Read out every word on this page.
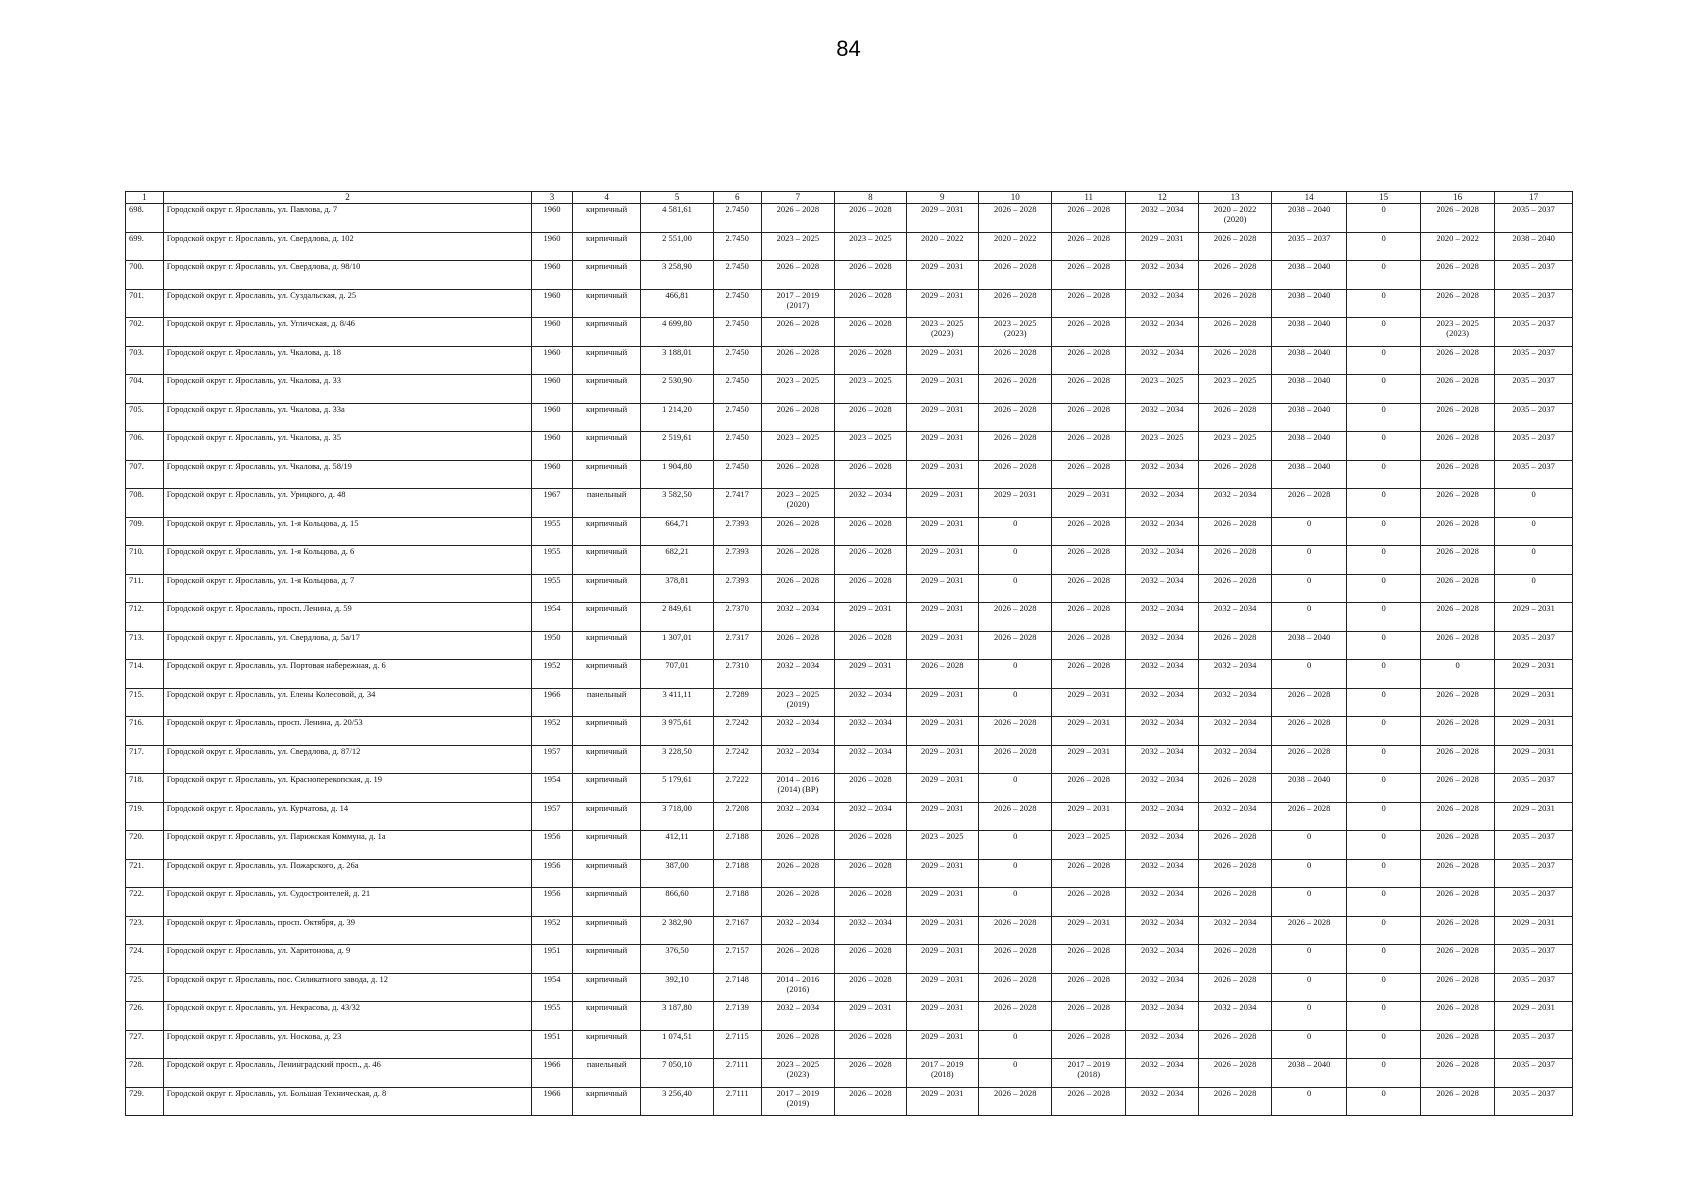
84
1	2	3	4	5	6	7	8	9	10	11	12	13	14	15	16	17
698.	Городской округ г. Ярославль, ул. Павлова, д. 7	1960	кирпичный	4 581,61	2.7450	2026 – 2028	2026 – 2028	2029 – 2031	2026 – 2028	2026 – 2028	2032 – 2034	2020 – 2022
(2020)	2038 – 2040	0	2026 – 2028	2035 – 2037

699.	Городской округ г. Ярославль, ул. Свердлова, д. 102	1960	кирпичный	2 551,00	2.7450	2023 – 2025	2023 – 2025	2020 – 2022	2020 – 2022	2026 – 2028	2029 – 2031	2026 – 2028	2035 – 2037	0	2020 – 2022	2038 – 2040

700.	Городской округ г. Ярославль, ул. Свердлова, д. 98/10	1960	кирпичный	3 258,90	2.7450	2026 – 2028	2026 – 2028	2029 – 2031	2026 – 2028	2026 – 2028	2032 – 2034	2026 – 2028	2038 – 2040	0	2026 – 2028	2035 – 2037

701.	Городской округ г. Ярославль, ул. Суздальская, д. 25	1960	кирпичный	466,81	2.7450	2017 – 2019
(2017)	2026 – 2028	2029 – 2031	2026 – 2028	2026 – 2028	2032 – 2034	2026 – 2028	2038 – 2040	0	2026 – 2028	2035 – 2037

702.	Городской округ г. Ярославль, ул. Угличская, д. 8/46	1960	кирпичный	4 699,80	2.7450	2026 – 2028	2026 – 2028	2023 – 2025
(2023)	2023 – 2025
(2023)	2026 – 2028	2032 – 2034	2026 – 2028	2038 – 2040	0	2023 – 2025
(2023)	2035 – 2037

703.	Городской округ г. Ярославль, ул. Чкалова, д. 18	1960	кирпичный	3 188,01	2.7450	2026 – 2028	2026 – 2028	2029 – 2031	2026 – 2028	2026 – 2028	2032 – 2034	2026 – 2028	2038 – 2040	0	2026 – 2028	2035 – 2037

704.	Городской округ г. Ярославль, ул. Чкалова, д. 33	1960	кирпичный	2 530,90	2.7450	2023 – 2025	2023 – 2025	2029 – 2031	2026 – 2028	2026 – 2028	2023 – 2025	2023 – 2025	2038 – 2040	0	2026 – 2028	2035 – 2037

705.	Городской округ г. Ярославль, ул. Чкалова, д. 33а	1960	кирпичный	1 214,20	2.7450	2026 – 2028	2026 – 2028	2029 – 2031	2026 – 2028	2026 – 2028	2032 – 2034	2026 – 2028	2038 – 2040	0	2026 – 2028	2035 – 2037

706.	Городской округ г. Ярославль, ул. Чкалова, д. 35	1960	кирпичный	2 519,61	2.7450	2023 – 2025	2023 – 2025	2029 – 2031	2026 – 2028	2026 – 2028	2023 – 2025	2023 – 2025	2038 – 2040	0	2026 – 2028	2035 – 2037

707.	Городской округ г. Ярославль, ул. Чкалова, д. 58/19	1960	кирпичный	1 904,80	2.7450	2026 – 2028	2026 – 2028	2029 – 2031	2026 – 2028	2026 – 2028	2032 – 2034	2026 – 2028	2038 – 2040	0	2026 – 2028	2035 – 2037

708.	Городской округ г. Ярославль, ул. Урицкого, д. 48	1967	панельный	3 582,50	2.7417	2023 – 2025
(2020)	2032 – 2034	2029 – 2031	2029 – 2031	2029 – 2031	2032 – 2034	2032 – 2034	2026 – 2028	0	2026 – 2028	0

709.	Городской округ г. Ярославль, ул. 1-я Кольцова, д. 15	1955	кирпичный	664,71	2.7393	2026 – 2028	2026 – 2028	2029 – 2031	0	2026 – 2028	2032 – 2034	2026 – 2028	0	0	2026 – 2028	0

710.	Городской округ г. Ярославль, ул. 1-я Кольцова, д. 6	1955	кирпичный	682,21	2.7393	2026 – 2028	2026 – 2028	2029 – 2031	0	2026 – 2028	2032 – 2034	2026 – 2028	0	0	2026 – 2028	0

711.	Городской округ г. Ярославль, ул. 1-я Кольцова, д. 7	1955	кирпичный	378,81	2.7393	2026 – 2028	2026 – 2028	2029 – 2031	0	2026 – 2028	2032 – 2034	2026 – 2028	0	0	2026 – 2028	0

712.	Городской округ г. Ярославль, просп. Ленина, д. 59	1954	кирпичный	2 849,61	2.7370	2032 – 2034	2029 – 2031	2029 – 2031	2026 – 2028	2026 – 2028	2032 – 2034	2032 – 2034	0	0	2026 – 2028	2029 – 2031

713.	Городской округ г. Ярославль, ул. Свердлова, д. 5а/17	1950	кирпичный	1 307,01	2.7317	2026 – 2028	2026 – 2028	2029 – 2031	2026 – 2028	2026 – 2028	2032 – 2034	2026 – 2028	2038 – 2040	0	2026 – 2028	2035 – 2037

714.	Городской округ г. Ярославль, ул. Портовая набережная, д. 6	1952	кирпичный	707,01	2.7310	2032 – 2034	2029 – 2031	2026 – 2028	0	2026 – 2028	2032 – 2034	2032 – 2034	0	0	0	2029 – 2031

715.	Городской округ г. Ярославль, ул. Елены Колесовой, д. 34	1966	панельный	3 411,11	2.7289	2023 – 2025
(2019)	2032 – 2034	2029 – 2031	0	2029 – 2031	2032 – 2034	2032 – 2034	2026 – 2028	0	2026 – 2028	2029 – 2031

716.	Городской округ г. Ярославль, просп. Ленина, д. 20/53	1952	кирпичный	3 975,61	2.7242	2032 – 2034	2032 – 2034	2029 – 2031	2026 – 2028	2029 – 2031	2032 – 2034	2032 – 2034	2026 – 2028	0	2026 – 2028	2029 – 2031

717.	Городской округ г. Ярославль, ул. Свердлова, д. 87/12	1957	кирпичный	3 228,50	2.7242	2032 – 2034	2032 – 2034	2029 – 2031	2026 – 2028	2029 – 2031	2032 – 2034	2032 – 2034	2026 – 2028	0	2026 – 2028	2029 – 2031

718.	Городской округ г. Ярославль, ул. Красноперекопская, д. 19	1954	кирпичный	5 179,61	2.7222	2014 – 2016
(2014) (ВР)	2026 – 2028	2029 – 2031	0	2026 – 2028	2032 – 2034	2026 – 2028	2038 – 2040	0	2026 – 2028	2035 – 2037

719.	Городской округ г. Ярославль, ул. Курчатова, д. 14	1957	кирпичный	3 718,00	2.7208	2032 – 2034	2032 – 2034	2029 – 2031	2026 – 2028	2029 – 2031	2032 – 2034	2032 – 2034	2026 – 2028	0	2026 – 2028	2029 – 2031

720.	Городской округ г. Ярославль, ул. Парижская Коммуна, д. 1а	1956	кирпичный	412,11	2.7188	2026 – 2028	2026 – 2028	2023 – 2025	0	2023 – 2025	2032 – 2034	2026 – 2028	0	0	2026 – 2028	2035 – 2037

721.	Городской округ г. Ярославль, ул. Пожарского, д. 26а	1956	кирпичный	387,00	2.7188	2026 – 2028	2026 – 2028	2029 – 2031	0	2026 – 2028	2032 – 2034	2026 – 2028	0	0	2026 – 2028	2035 – 2037

722.	Городской округ г. Ярославль, ул. Судостроителей, д. 21	1956	кирпичный	866,60	2.7188	2026 – 2028	2026 – 2028	2029 – 2031	0	2026 – 2028	2032 – 2034	2026 – 2028	0	0	2026 – 2028	2035 – 2037

723.	Городской округ г. Ярославль, просп. Октября, д. 39	1952	кирпичный	2 382,90	2.7167	2032 – 2034	2032 – 2034	2029 – 2031	2026 – 2028	2029 – 2031	2032 – 2034	2032 – 2034	2026 – 2028	0	2026 – 2028	2029 – 2031

724.	Городской округ г. Ярославль, ул. Харитонова, д. 9	1951	кирпичный	376,50	2.7157	2026 – 2028	2026 – 2028	2029 – 2031	2026 – 2028	2026 – 2028	2032 – 2034	2026 – 2028	0	0	2026 – 2028	2035 – 2037

725.	Городской округ г. Ярославль, пос. Силикатного завода, д. 12	1954	кирпичный	392,10	2.7148	2014 – 2016
(2016)	2026 – 2028	2029 – 2031	2026 – 2028	2026 – 2028	2032 – 2034	2026 – 2028	0	0	2026 – 2028	2035 – 2037

726.	Городской округ г. Ярославль, ул. Некрасова, д. 43/32	1955	кирпичный	3 187,80	2.7139	2032 – 2034	2029 – 2031	2029 – 2031	2026 – 2028	2026 – 2028	2032 – 2034	2032 – 2034	0	0	2026 – 2028	2029 – 2031

727.	Городской округ г. Ярославль, ул. Носкова, д. 23	1951	кирпичный	1 074,51	2.7115	2026 – 2028	2026 – 2028	2029 – 2031	0	2026 – 2028	2032 – 2034	2026 – 2028	0	0	2026 – 2028	2035 – 2037

728.	Городской округ г. Ярославль, Ленинградский просп., д. 46	1966	панельный	7 050,10	2.7111	2023 – 2025
(2023)	2026 – 2028	2017 – 2019
(2018)	0	2017 – 2019
(2018)	2032 – 2034	2026 – 2028	2038 – 2040	0	2026 – 2028	2035 – 2037

729.	Городской округ г. Ярославль, ул. Большая Техническая, д. 8	1966	кирпичный	3 256,40	2.7111	2017 – 2019
(2019)	2026 – 2028	2029 – 2031	2026 – 2028	2026 – 2028	2032 – 2034	2026 – 2028	0	0	2026 – 2028	2035 – 2037
